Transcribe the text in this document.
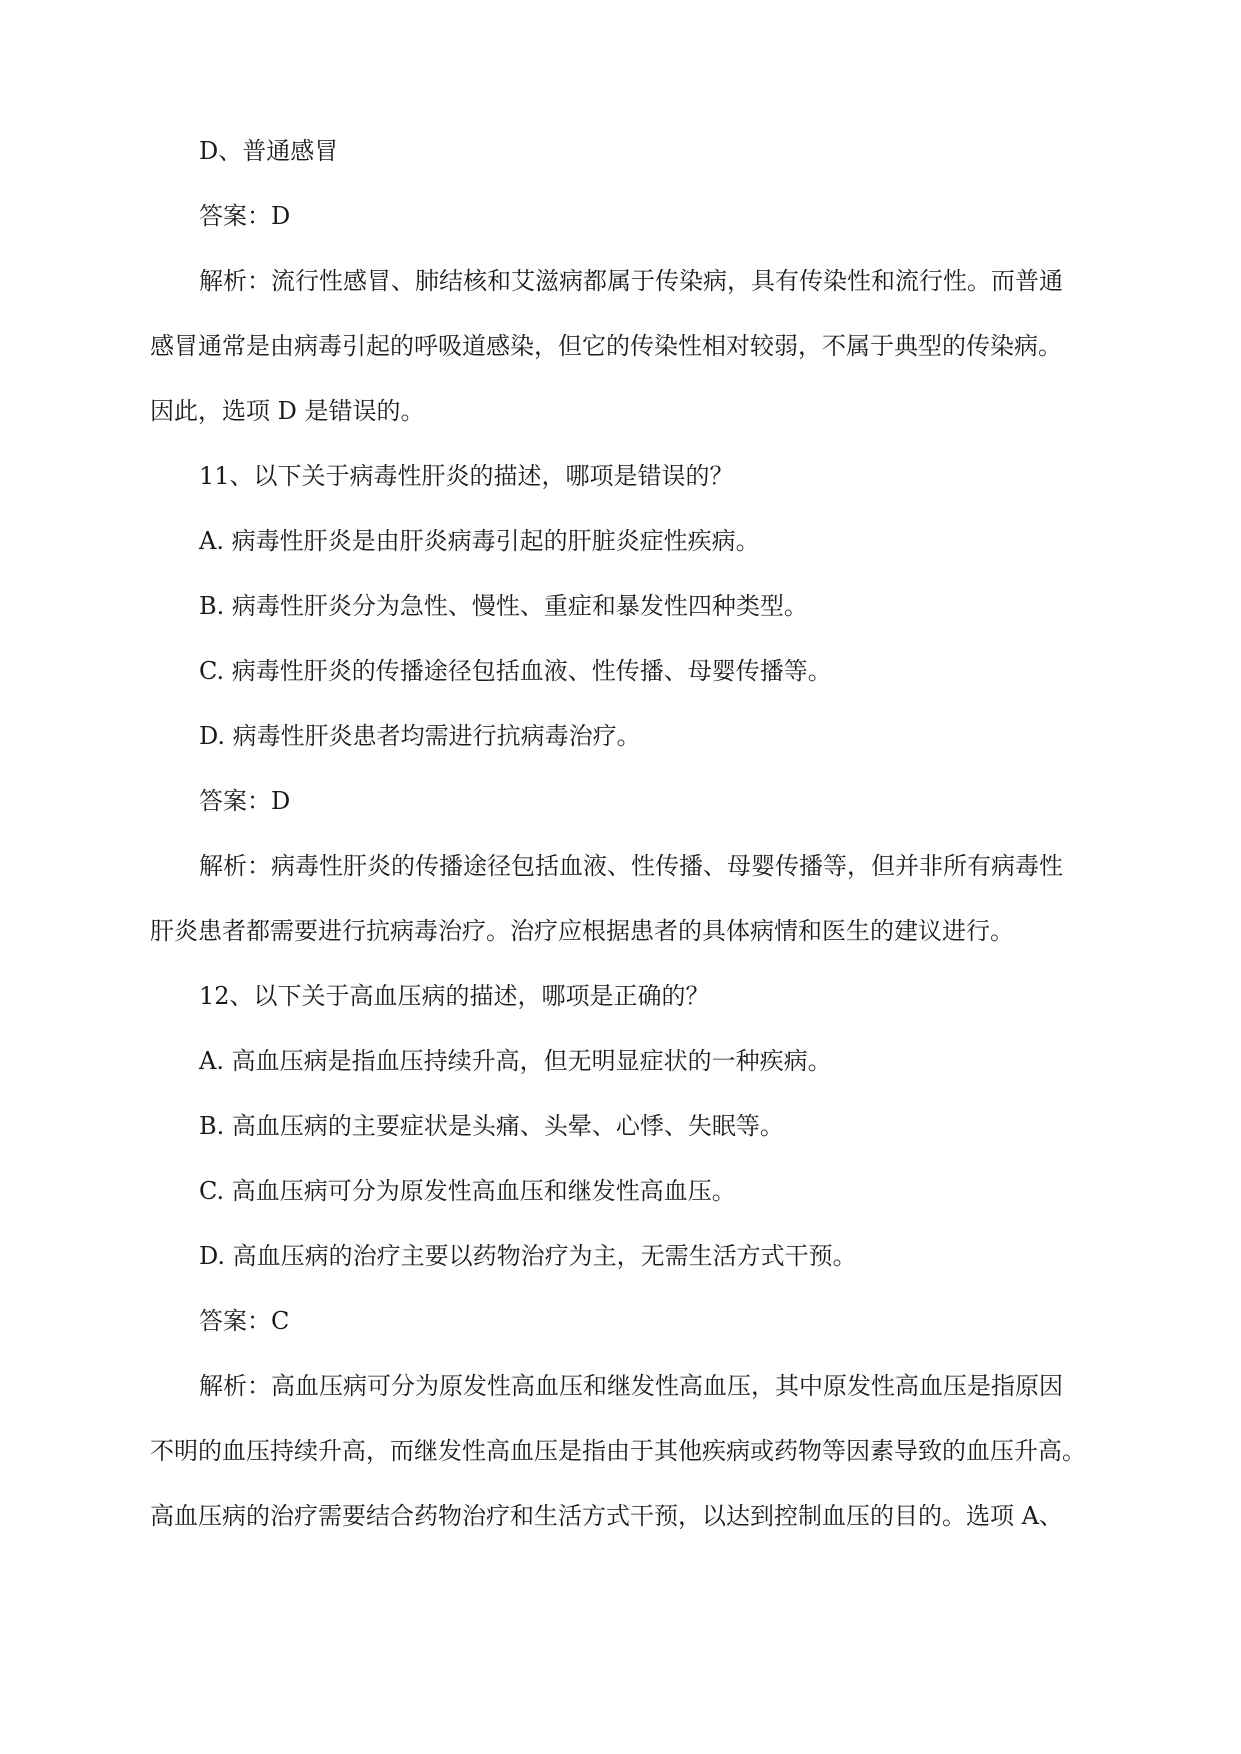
D、普通感冒
答案：D
解析：流行性感冒、肺结核和艾滋病都属于传染病，具有传染性和流行性。而普通
感冒通常是由病毒引起的呼吸道感染，但它的传染性相对较弱，不属于典型的传染病。
因此，选项 D 是错误的。
11、以下关于病毒性肝炎的描述，哪项是错误的？
A. 病毒性肝炎是由肝炎病毒引起的肝脏炎症性疾病。
B. 病毒性肝炎分为急性、慢性、重症和暴发性四种类型。
C. 病毒性肝炎的传播途径包括血液、性传播、母婴传播等。
D. 病毒性肝炎患者均需进行抗病毒治疗。
答案：D
解析：病毒性肝炎的传播途径包括血液、性传播、母婴传播等，但并非所有病毒性
肝炎患者都需要进行抗病毒治疗。治疗应根据患者的具体病情和医生的建议进行。
12、以下关于高血压病的描述，哪项是正确的？
A. 高血压病是指血压持续升高，但无明显症状的一种疾病。
B. 高血压病的主要症状是头痛、头晕、心悸、失眠等。
C. 高血压病可分为原发性高血压和继发性高血压。
D. 高血压病的治疗主要以药物治疗为主，无需生活方式干预。
答案：C
解析：高血压病可分为原发性高血压和继发性高血压，其中原发性高血压是指原因
不明的血压持续升高，而继发性高血压是指由于其他疾病或药物等因素导致的血压升高。
高血压病的治疗需要结合药物治疗和生活方式干预，以达到控制血压的目的。选项 A、
